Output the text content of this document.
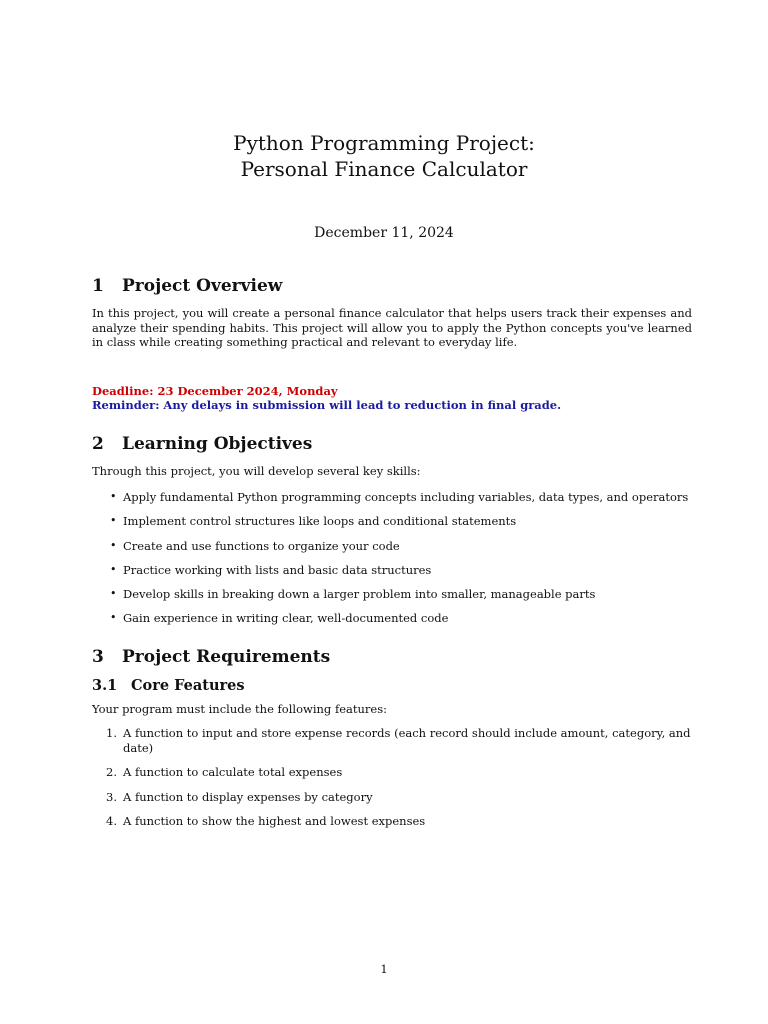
Python Programming Project:
Personal Finance Calculator
December 11, 2024
1 Project Overview

In this project, you will create a personal finance calculator that helps users track their expenses and analyze their spending habits. This project will allow you to apply the Python concepts you've learned in class while creating something practical and relevant to everyday life.

Deadline: 23 December 2024, Monday

Reminder: Any delays in submission will lead to reduction in final grade.

2 Learning Objectives

Through this project, you will develop several key skills:

• Apply fundamental Python programming concepts including variables, data types, and operators
• Implement control structures like loops and conditional statements
• Create and use functions to organize your code
• Practice working with lists and basic data structures
• Develop skills in breaking down a larger problem into smaller, manageable parts
• Gain experience in writing clear, well-documented code
3 Project Requirements
3.1 Core Features

Your program must include the following features:

1. A function to input and store expense records (each record should include amount, category, and date)
2. A function to calculate total expenses
3. A function to display expenses by category
4. A function to show the highest and lowest expenses
1
